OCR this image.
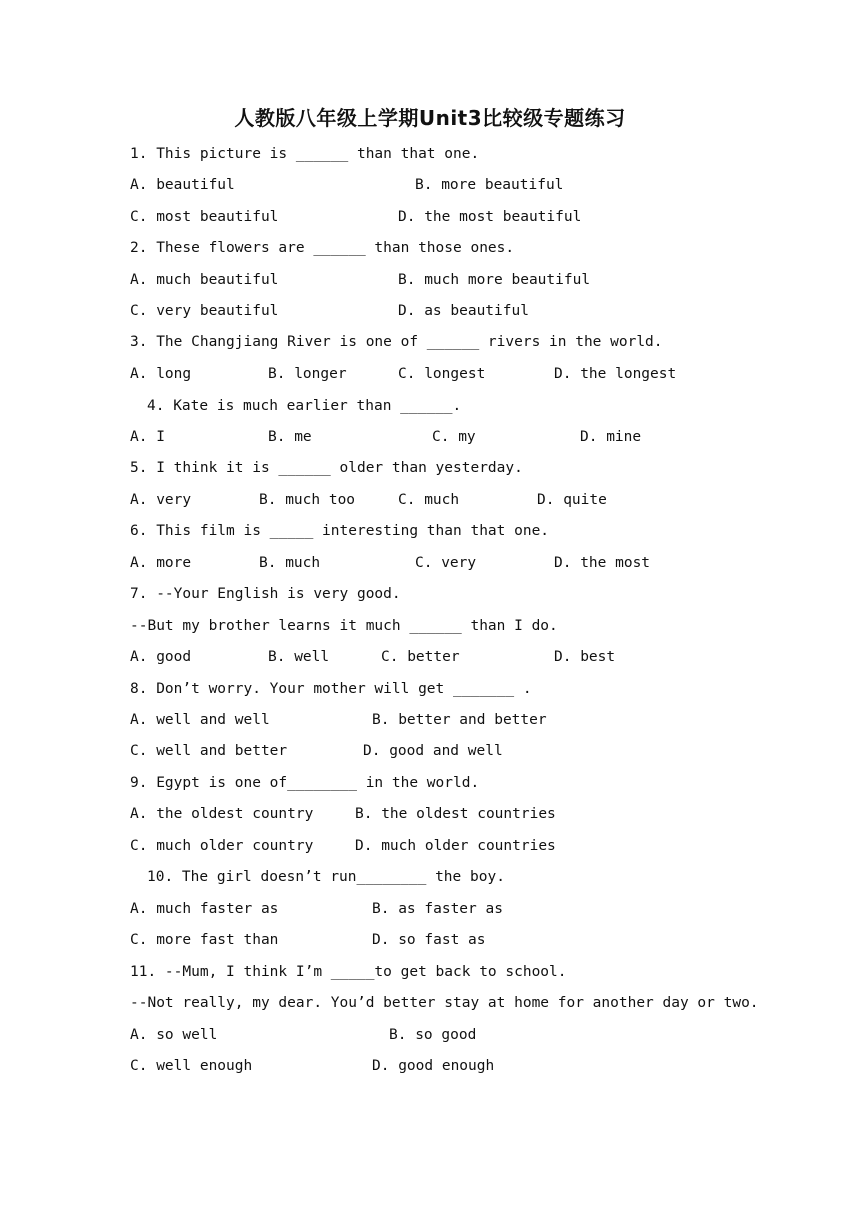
人教版八年级上学期Unit3比较级专题练习
1. This picture is ______ than that one.
A. beautiful	B. more beautiful
C. most beautiful	D. the most beautiful
2. These flowers are ______ than those ones.
A. much beautiful	B. much more beautiful
C. very beautiful	D. as beautiful
3. The Changjiang River is one of ______ rivers in the world.
A. long	B. longer	C. longest	D. the longest
4. Kate is much earlier than ______.
A. I	B. me	C. my	D. mine
5. I think it is ______ older than yesterday.
A. very	B. much too	C. much	D. quite
6. This film is _____ interesting than that one.
A. more	B. much	C. very	D. the most
7. --Your English is very good.
--But my brother learns it much ______ than I do.
A. good	B. well	C. better	D. best
8. Don’t worry. Your mother will get _______ .
A. well and well	B. better and better
C. well and better	D. good and well
9. Egypt is one of________ in the world.
A. the oldest country	B. the oldest countries
C. much older country	D. much older countries
10. The girl doesn’t run________ the boy.
A. much faster as	B. as faster as
C. more fast than	D. so fast as
11. --Mum, I think I’m _____to get back to school.
--Not really, my dear. You’d better stay at home for another day or two.
A. so well	B. so good
C. well enough	D. good enough
